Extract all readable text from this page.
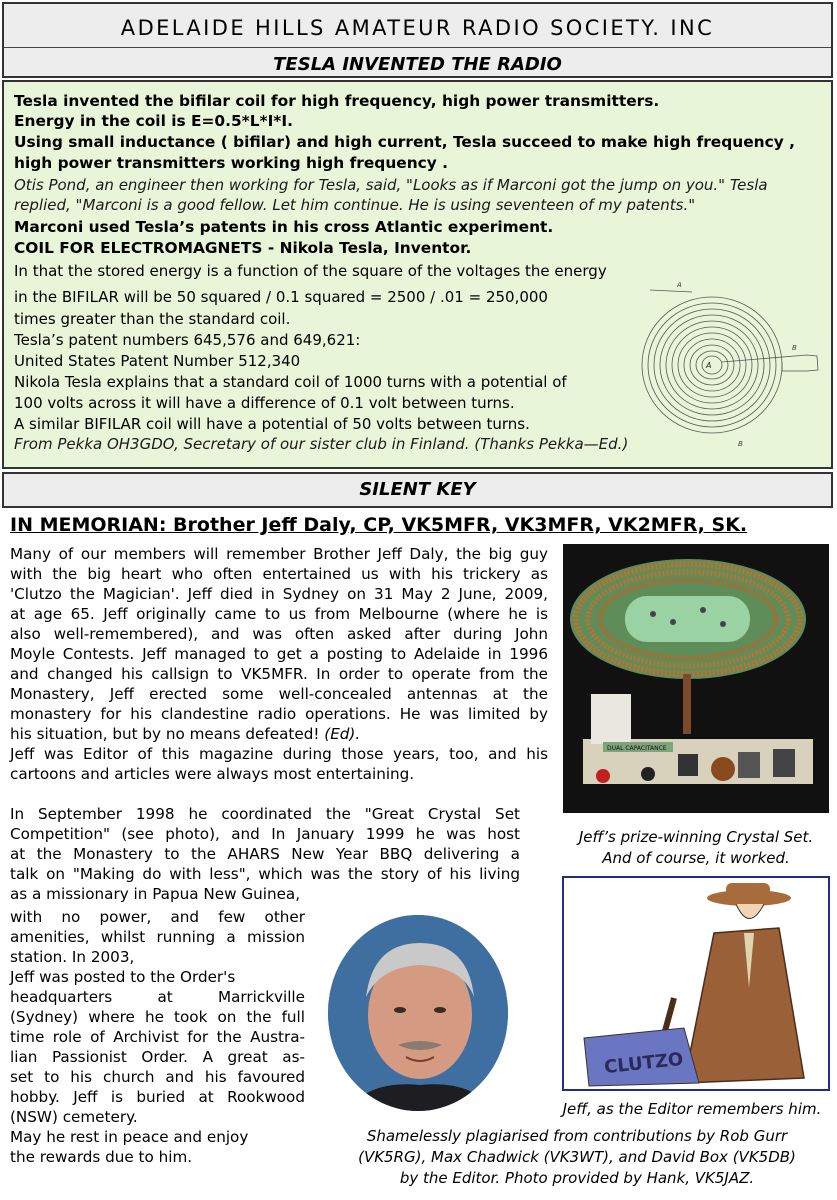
ADELAIDE HILLS AMATEUR RADIO SOCIETY. INC
TESLA INVENTED THE RADIO
Tesla invented the bifilar coil for high frequency, high power transmitters.
Energy in the coil is E=0.5*L*I*I.
Using small inductance ( bifilar) and high current, Tesla succeed to make high frequency ,
high power transmitters working high frequency .
Otis Pond, an engineer then working for Tesla, said, "Looks as if Marconi got the jump on you." Tesla
replied, "Marconi is a good fellow. Let him continue. He is using seventeen of my patents."
Marconi used Tesla’s patents in his cross Atlantic experiment.
COIL FOR ELECTROMAGNETS - Nikola Tesla, Inventor.
In that the stored energy is a function of the square of the voltages the energy
in the BIFILAR will be 50 squared / 0.1 squared = 2500 / .01 = 250,000
times greater than the standard coil.
Tesla’s patent numbers 645,576 and 649,621:
United States Patent Number 512,340
Nikola Tesla explains that a standard coil of 1000 turns with a potential of
100 volts across it will have a difference of 0.1 volt between turns.
A similar BIFILAR coil will have a potential of 50 volts between turns.
From Pekka OH3GDO, Secretary of our sister club in Finland. (Thanks Pekka—Ed.)
A
A
B
B
SILENT KEY
IN MEMORIAN: Brother Jeff Daly, CP, VK5MFR, VK3MFR, VK2MFR, SK.
Many of our members will remember Brother Jeff Daly, the big guy
with the big heart who often entertained us with his trickery as
'Clutzo the Magician'. Jeff died in Sydney on 31 May 2 June, 2009,
at age 65. Jeff originally came to us from Melbourne (where he is
also well-remembered), and was often asked after during John
Moyle Contests. Jeff managed to get a posting to Adelaide in 1996
and changed his callsign to VK5MFR. In order to operate from the
Monastery, Jeff erected some well-concealed antennas at the
monastery for his clandestine radio operations. He was limited by
his situation, but by no means defeated! (Ed).
Jeff was Editor of this magazine during those years, too, and his
cartoons and articles were always most entertaining.
In September 1998 he coordinated the "Great Crystal Set
Competition" (see photo), and In January 1999 he was host
at the Monastery to the AHARS New Year BBQ delivering a
talk on "Making do with less", which was the story of his living
as a missionary in Papua New Guinea,
with no power, and few other
amenities, whilst running a mission
station. In 2003,
Jeff was posted to the Order's
headquarters at Marrickville
(Sydney) where he took on the full
time role of Archivist for the Austra-
lian Passionist Order. A great as-
set to his church and his favoured
hobby. Jeff is buried at Rookwood
(NSW) cemetery.
May he rest in peace and enjoy
the rewards due to him.
DUAL CAPACITANCE
Jeff’s prize-winning Crystal Set.
And of course, it worked.
CLUTZO
Jeff, as the Editor remembers him.
Shamelessly plagiarised from contributions by Rob Gurr
(VK5RG), Max Chadwick (VK3WT), and David Box (VK5DB)
by the Editor. Photo provided by Hank, VK5JAZ.
